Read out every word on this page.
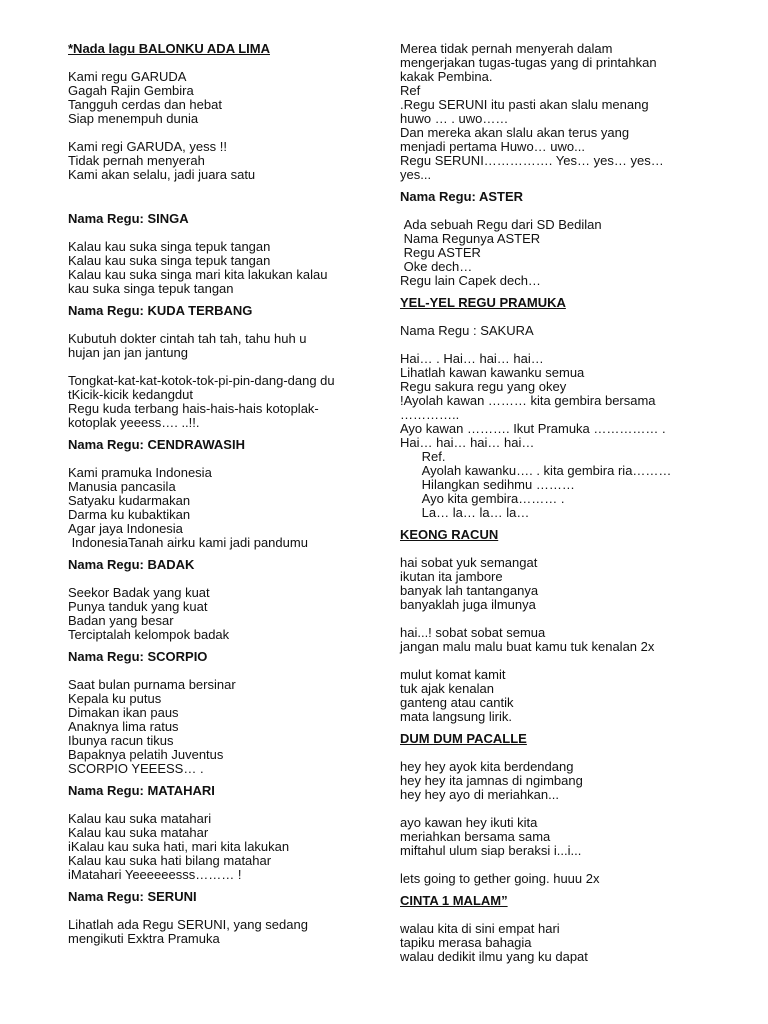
*Nada lagu BALONKU ADA LIMA
Kami regu GARUDA
Gagah Rajin Gembira
Tangguh cerdas dan hebat
Siap menempuh dunia
Kami regi GARUDA, yess !!
Tidak pernah menyerah
Kami akan selalu, jadi juara satu
Nama Regu: SINGA
Kalau kau suka singa tepuk tangan
Kalau kau suka singa tepuk tangan
Kalau kau suka singa mari kita lakukan kalau
kau suka singa tepuk tangan
Nama Regu: KUDA TERBANG
Kubutuh dokter cintah tah tah, tahu huh u
hujan jan jan jantung
Tongkat-kat-kat-kotok-tok-pi-pin-dang-dang du
tKicik-kicik kedangdut
Regu kuda terbang hais-hais-hais kotoplak-
kotoplak yeeess…. ..!!.
Nama Regu: CENDRAWASIH
Kami pramuka Indonesia
Manusia pancasila
Satyaku kudarmakan
Darma ku kubaktikan
Agar jaya Indonesia
IndonesiaTanah airku kami jadi pandumu
Nama Regu: BADAK
Seekor Badak yang kuat
Punya tanduk yang kuat
Badan yang besar
Terciptalah kelompok badak
Nama Regu: SCORPIO
Saat bulan purnama bersinar
Kepala ku putus
Dimakan ikan paus
Anaknya lima ratus
Ibunya racun tikus
Bapaknya pelatih Juventus
SCORPIO YEEESS… .
Nama Regu: MATAHARI
Kalau kau suka matahari
Kalau kau suka matahar
iKalau kau suka hati, mari kita lakukan
Kalau kau suka hati bilang matahar
iMatahari Yeeeeeesss……… !
Nama Regu: SERUNI
Lihatlah ada Regu SERUNI, yang sedang
mengikuti Exktra Pramuka
Merea tidak pernah menyerah dalam
mengerjakan tugas-tugas yang di printahkan
kakak Pembina.
Ref
.Regu SERUNI itu pasti akan slalu menang
huwo … . uwo……
Dan mereka akan slalu akan terus yang
menjadi pertama Huwo… uwo...
Regu SERUNI……………. Yes… yes… yes…
yes...
Nama Regu: ASTER
Ada sebuah Regu dari SD Bedilan
Nama Regunya ASTER
Regu ASTER
Oke dech…
Regu lain Capek dech…
YEL-YEL REGU PRAMUKA
Nama Regu : SAKURA
Hai… . Hai… hai… hai…
Lihatlah kawan kawanku semua
Regu sakura regu yang okey
!Ayolah kawan ……… kita gembira bersama
…………..
Ayo kawan ………. Ikut Pramuka …………… .
Hai… hai… hai… hai…
Ref.
Ayolah kawanku…. . kita gembira ria………
Hilangkan sedihmu ………
Ayo kita gembira……… .
La… la… la… la…
KEONG RACUN
hai sobat yuk semangat
ikutan ita jambore
banyak lah tantanganya
banyaklah juga ilmunya
hai...! sobat sobat semua
jangan malu malu buat kamu tuk kenalan 2x
mulut komat kamit
tuk ajak kenalan
ganteng atau cantik
mata langsung lirik.
DUM DUM PACALLE
hey hey ayok kita berdendang
hey hey ita jamnas di ngimbang
hey hey ayo di meriahkan...
ayo kawan hey ikuti kita
meriahkan bersama sama
miftahul ulum siap beraksi i...i...
lets going to gether going. huuu 2x
CINTA 1 MALAM”
walau kita di sini empat hari
tapiku merasa bahagia
walau dedikit ilmu yang ku dapat
